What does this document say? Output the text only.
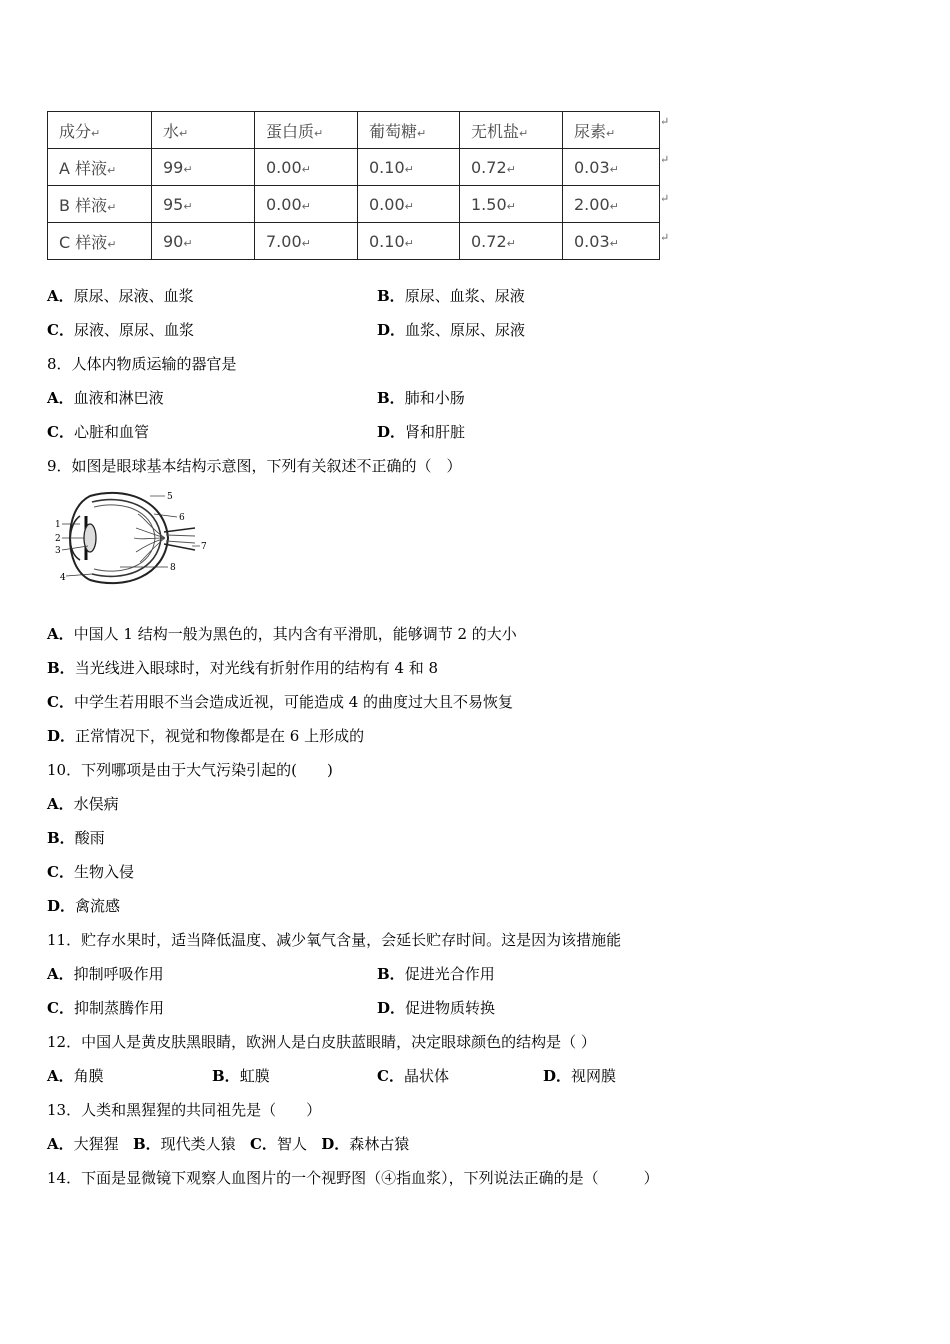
成分↵	水↵	蛋白质↵	葡萄糖↵	无机盐↵	尿素↵
A 样液↵	99↵	0.00↵	0.10↵	0.72↵	0.03↵
B 样液↵	95↵	0.00↵	0.00↵	1.50↵	2.00↵
C 样液↵	90↵	7.00↵	0.10↵	0.72↵	0.03↵
↵
↵
↵
↵
A．原尿、尿液、血浆	B．原尿、血浆、尿液
C．尿液、原尿、血浆	D．血浆、原尿、尿液
8．人体内物质运输的器官是
A．血液和淋巴液	B．肺和小肠
C．心脏和血管	D．肾和肝脏
9．如图是眼球基本结构示意图，下列有关叙述不正确的（　）
1
2
3
4
5
6
7
8
A．中国人 1 结构一般为黑色的，其内含有平滑肌，能够调节 2 的大小
B．当光线进入眼球时，对光线有折射作用的结构有 4 和 8
C．中学生若用眼不当会造成近视，可能造成 4 的曲度过大且不易恢复
D．正常情况下，视觉和物像都是在 6 上形成的
10．下列哪项是由于大气污染引起的(　　)
A．水俣病
B．酸雨
C．生物入侵
D．禽流感
11．贮存水果时，适当降低温度、减少氧气含量，会延长贮存时间。这是因为该措施能
A．抑制呼吸作用	B．促进光合作用
C．抑制蒸腾作用	D．促进物质转换
12．中国人是黄皮肤黑眼睛，欧洲人是白皮肤蓝眼睛，决定眼球颜色的结构是（ ）
A．角膜	B．虹膜	C．晶状体	D．视网膜
13．人类和黑猩猩的共同祖先是（　　）
A．大猩猩 B．现代类人猿 C．智人 D．森林古猿
14．下面是显微镜下观察人血图片的一个视野图（④指血浆），下列说法正确的是（　　　）
